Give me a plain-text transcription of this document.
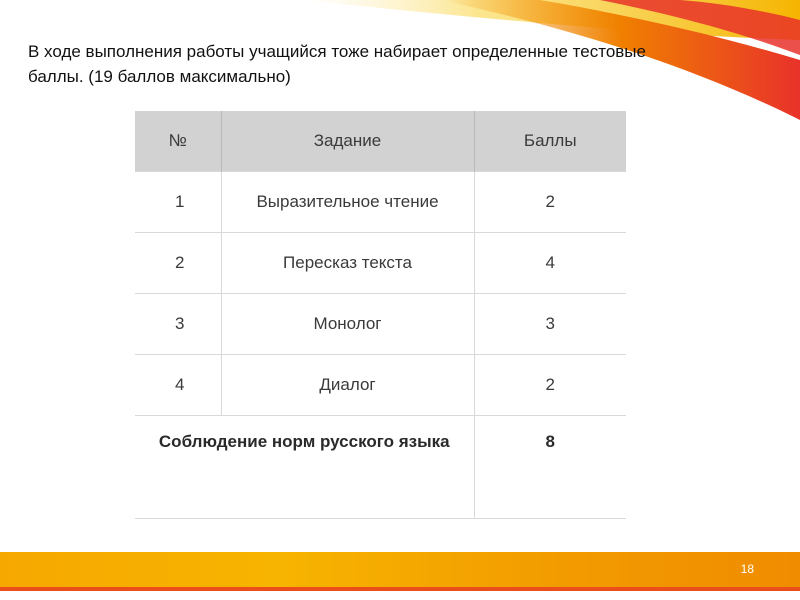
В ходе выполнения работы учащийся тоже набирает определенные тестовые баллы. (19 баллов максимально)

№	Задание	Баллы
1	Выразительное чтение	2
2	Пересказ текста	4
3	Монолог	3
4	Диалог	2
Соблюдение норм русского языка		8
18
